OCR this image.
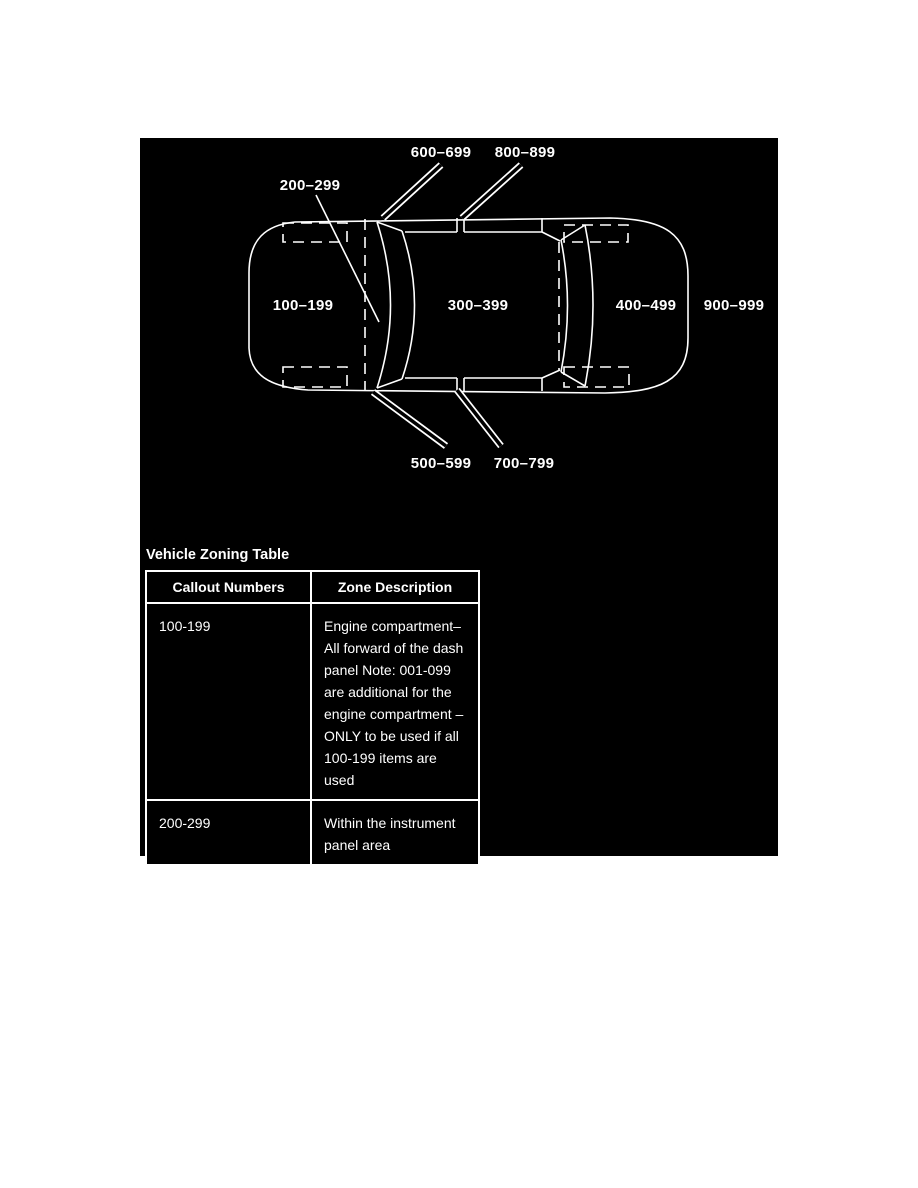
600–699 800–899
200–299
100–199	300–399	400–499 900–999
500–599 700–799
Vehicle Zoning Table
Callout Numbers	Zone Description
100-199	Engine compartment– All forward of the dash panel Note: 001-099 are additional for the engine compartment – ONLY to be used if all 100-199 items are used
200-299	Within the instrument panel area
